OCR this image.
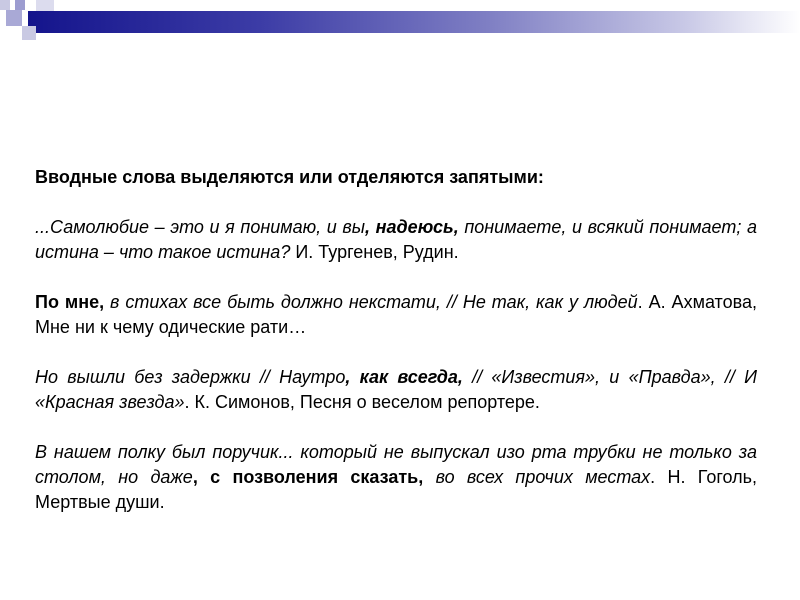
Вводные слова выделяются или отделяются запятыми:
...Самолюбие – это и я понимаю, и вы, надеюсь, понимаете, и всякий понимает; а истина – что такое истина? И. Тургенев, Рудин.
По мне, в стихах все быть должно некстати, // Не так, как у людей. А. Ахматова, Мне ни к чему одические рати…
Но вышли без задержки // Наутро, как всегда, // «Известия», и «Правда», // И «Красная звезда». К. Симонов, Песня о веселом репортере.
В нашем полку был поручик... который не выпускал изо рта трубки не только за столом, но даже, с позволения сказать, во всех прочих местах. Н. Гоголь, Мертвые души.
